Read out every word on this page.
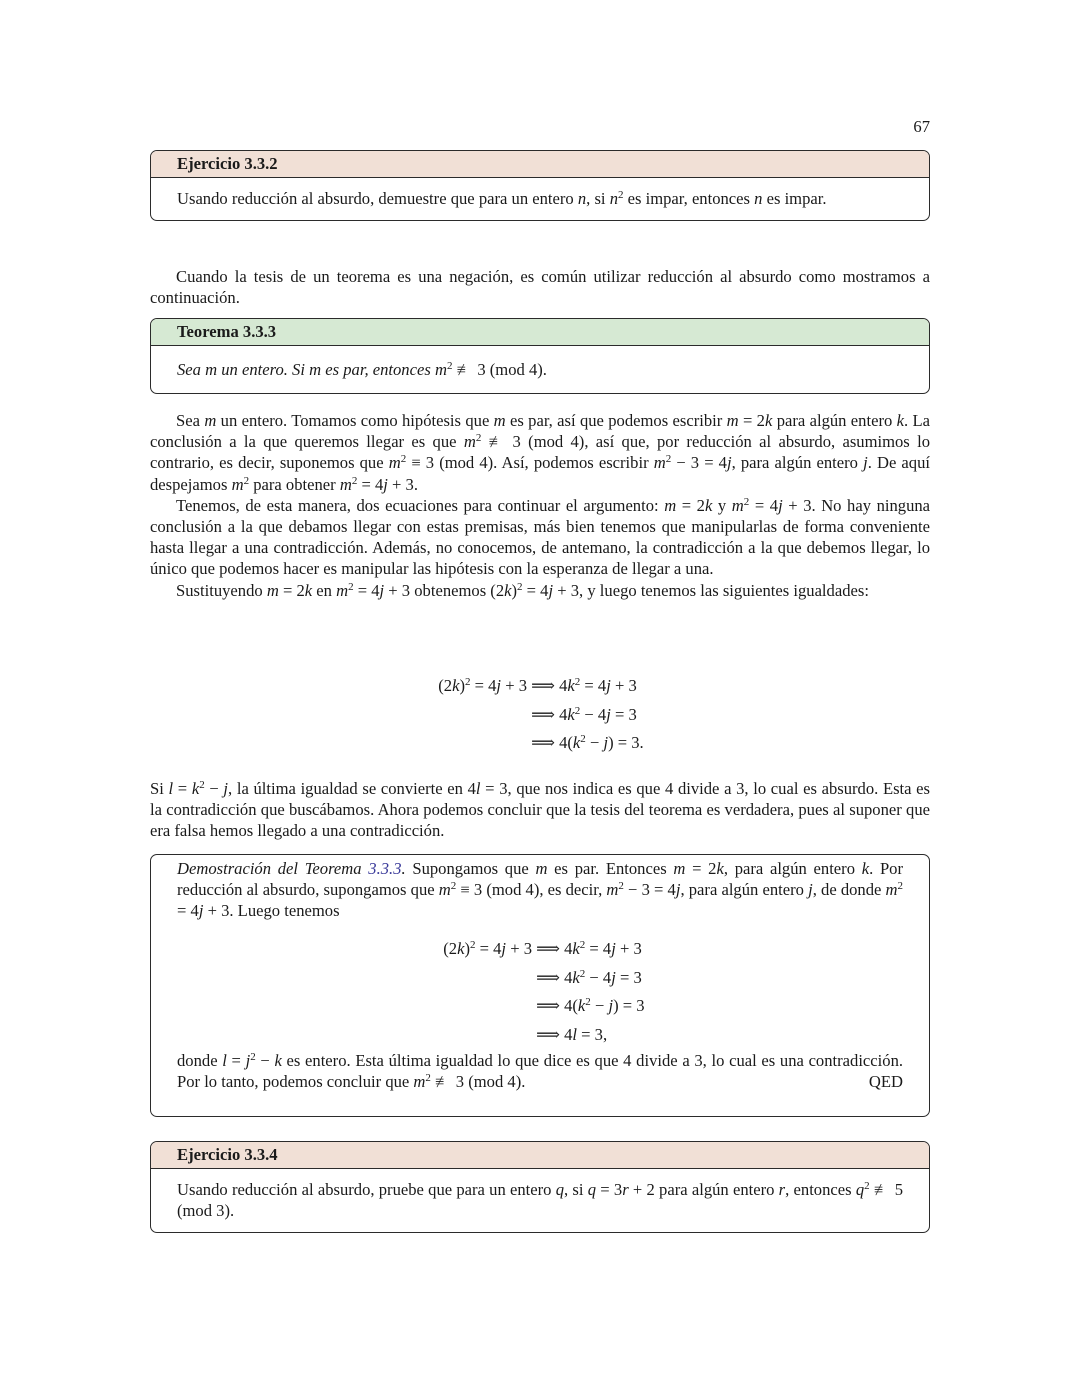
67
Ejercicio 3.3.2
Usando reducción al absurdo, demuestre que para un entero n, si $n^2$ es impar, entonces n es impar.
Cuando la tesis de un teorema es una negación, es común utilizar reducción al absurdo como mostramos a continuación.
Teorema 3.3.3
Sea m un entero. Si m es par, entonces $m^2$ ≢ 3 (mod 4).
Sea m un entero. Tomamos como hipótesis que m es par, así que podemos escribir m = 2k para algún entero k. La conclusión a la que queremos llegar es que $m^2$ ≢ 3 (mod 4), así que, por reducción al absurdo, asumimos lo contrario, es decir, suponemos que $m^2 \equiv 3$ (mod 4). Así, podemos escribir $m^2 - 3 = 4j$, para algún entero j. De aquí despejamos $m^2$ para obtener $m^2 = 4j + 3$.
Tenemos, de esta manera, dos ecuaciones para continuar el argumento: m = 2k y $m^2 = 4j + 3$. No hay ninguna conclusión a la que debamos llegar con estas premisas, más bien tenemos que manipularlas de forma conveniente hasta llegar a una contradicción. Además, no conocemos, de antemano, la contradicción a la que debemos llegar, lo único que podemos hacer es manipular las hipótesis con la esperanza de llegar a una.
Sustituyendo m = 2k en $m^2 = 4j + 3$ obtenemos $(2k)^2 = 4j + 3$, y luego tenemos las siguientes igualdades:
$(2k)^2 = 4j + 3$ ⟹ $4k^2 = 4j + 3$
⟹ $4k^2 - 4j = 3$
⟹ $4(k^2 - j) = 3$.
Si $l = k^2 - j$, la última igualdad se convierte en 4l = 3, que nos indica es que 4 divide a 3, lo cual es absurdo. Esta es la contradicción que buscábamos. Ahora podemos concluir que la tesis del teorema es verdadera, pues al suponer que era falsa hemos llegado a una contradicción.
Demostración del Teorema 3.3.3. Supongamos que m es par. Entonces m = 2k, para algún entero k. Por reducción al absurdo, supongamos que $m^2 \equiv 3$ (mod 4), es decir, $m^2 - 3 = 4j$, para algún entero j, de donde $m^2 = 4j + 3$. Luego tenemos
$(2k)^2 = 4j + 3$ ⟹ $4k^2 = 4j + 3$
⟹ $4k^2 - 4j = 3$
⟹ $4(k^2 - j) = 3$
⟹ 4l = 3,
donde $l = j^2 - k$ es entero. Esta última igualdad lo que dice es que 4 divide a 3, lo cual es una contradicción. Por lo tanto, podemos concluir que $m^2$ ≢ 3 (mod 4).	QED
Ejercicio 3.3.4
Usando reducción al absurdo, pruebe que para un entero q, si q = 3r + 2 para algún entero r, entonces $q^2$ ≢ 5 (mod 3).
